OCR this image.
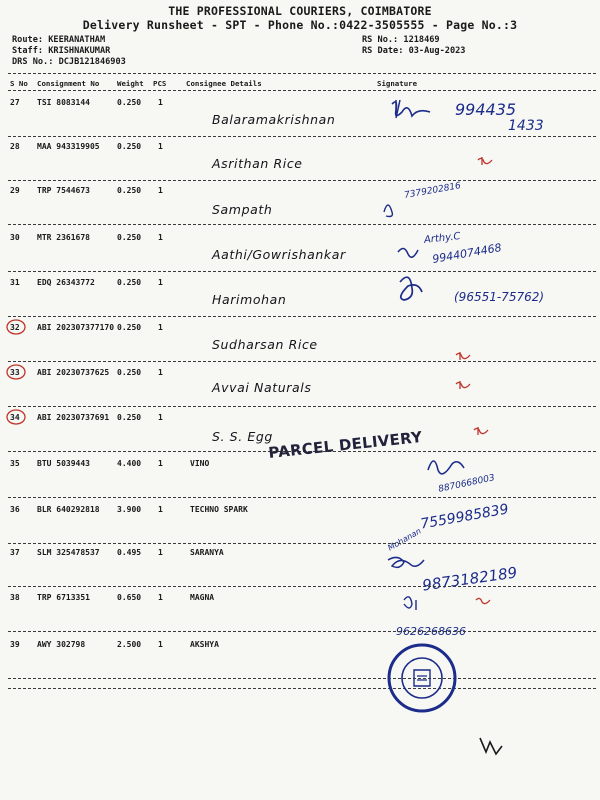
THE PROFESSIONAL COURIERS, COIMBATORE
Delivery Runsheet - SPT - Phone No.:0422-3505555 - Page No.:3
Route: KEERANATHAM
Staff: KRISHNAKUMAR
DRS No.: DCJB121846903
RS No.: 1218469
RS Date: 03-Aug-2023
S No Consignment No Weight PCS	Consignee Details	Signature
27 TSI 8083144	0.250 1
Balaramakrishnan
994435
1433
28 MAA 943319905 0.250 1
Asrithan Rice
29 TRP 7544673	0.250 1
Sampath
7379202816
30 MTR 2361678	0.250 1
Aathi/Gowrishankar
Arthy.C
9944074468
31 EDQ 26343772	0.250 1
Harimohan	(96551-75762)
32 ABI 202307377170 0.250 1
Sudharsan Rice
33 ABI 20230737625 0.250 1
Avvai Naturals
34 ABI 20230737691 0.250 1
S. S. Egg
35 BTU 5039443	4.400 1	VINO
8870668003
36 BLR 640292818 3.900 1	TECHNO SPARK	7559985839
Mohanan
37 SLM 325478537 0.495 1	SARANYA
9873182189
38 TRP 6713351	0.650 1	MAGNA
9626268636
39 AWY 302798	2.500 1	AKSHYA
PARCEL DELIVERY
